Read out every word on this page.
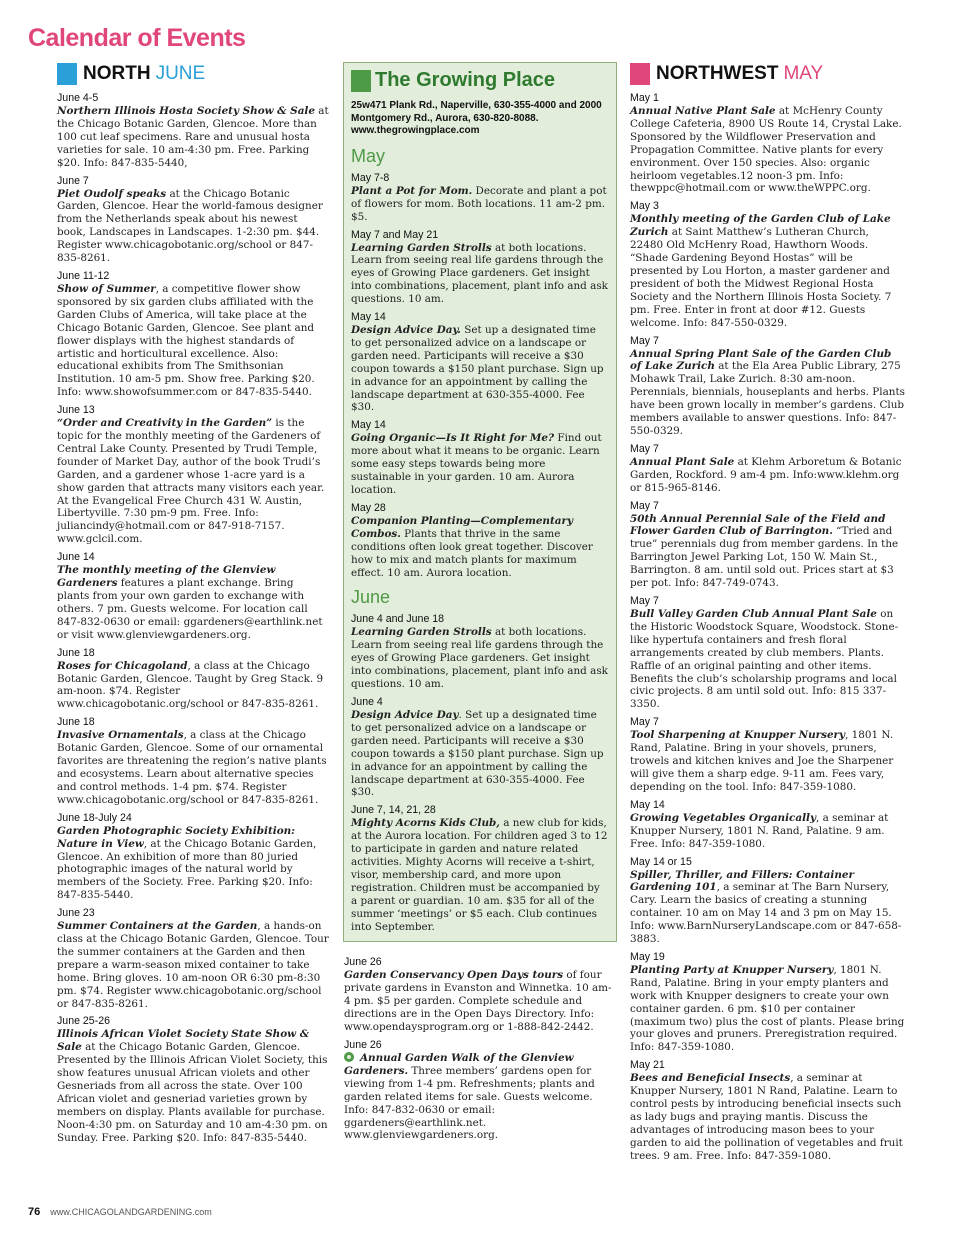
Calendar of Events
NORTH JUNE
June 4-5
Northern Illinois Hosta Society Show & Sale at the Chicago Botanic Garden, Glencoe. More than 100 cut leaf specimens. Rare and unusual hosta varieties for sale. 10 am-4:30 pm. Free. Parking $20. Info: 847-835-5440,
June 7
Piet Oudolf speaks at the Chicago Botanic Garden, Glencoe. Hear the world-famous designer from the Netherlands speak about his newest book, Landscapes in Landscapes. 1-2:30 pm. $44. Register www.chicagobotanic.org/school or 847-835-8261.
June 11-12
Show of Summer, a competitive flower show sponsored by six garden clubs affiliated with the Garden Clubs of America, will take place at the Chicago Botanic Garden, Glencoe. See plant and flower displays with the highest standards of artistic and horticultural excellence. Also: educational exhibits from The Smithsonian Institution. 10 am-5 pm. Show free. Parking $20. Info: www.showofsummer.com or 847-835-5440.
June 13
“Order and Creativity in the Garden” is the topic for the monthly meeting of the Gardeners of Central Lake County. Presented by Trudi Temple, founder of Market Day, author of the book Trudi’s Garden, and a gardener whose 1-acre yard is a show garden that attracts many visitors each year. At the Evangelical Free Church 431 W. Austin, Libertyville. 7:30 pm-9 pm. Free. Info: juliancindy@hotmail.com or 847-918-7157. www.gclcil.com.
June 14
The monthly meeting of the Glenview Gardeners features a plant exchange. Bring plants from your own garden to exchange with others. 7 pm. Guests welcome. For location call 847-832-0630 or email: ggardeners@earthlink.net or visit www.glenviewgardeners.org.
June 18
Roses for Chicagoland, a class at the Chicago Botanic Garden, Glencoe. Taught by Greg Stack. 9 am-noon. $74. Register www.chicagobotanic.org/school or 847-835-8261.
June 18
Invasive Ornamentals, a class at the Chicago Botanic Garden, Glencoe. Some of our ornamental favorites are threatening the region’s native plants and ecosystems. Learn about alternative species and control methods. 1-4 pm. $74. Register www.chicagobotanic.org/school or 847-835-8261.
June 18-July 24
Garden Photographic Society Exhibition: Nature in View, at the Chicago Botanic Garden, Glencoe. An exhibition of more than 80 juried photographic images of the natural world by members of the Society. Free. Parking $20. Info: 847-835-5440.
June 23
Summer Containers at the Garden, a hands-on class at the Chicago Botanic Garden, Glencoe. Tour the summer containers at the Garden and then prepare a warm-season mixed container to take home. Bring gloves. 10 am-noon OR 6:30 pm-8:30 pm. $74. Register www.chicagobotanic.org/school or 847-835-8261.
June 25-26
Illinois African Violet Society State Show & Sale at the Chicago Botanic Garden, Glencoe. Presented by the Illinois African Violet Society, this show features unusual African violets and other Gesneriads from all across the state. Over 100 African violet and gesneriad varieties grown by members on display. Plants available for purchase. Noon-4:30 pm. on Saturday and 10 am-4:30 pm. on Sunday. Free. Parking $20. Info: 847-835-5440.
The Growing Place
25w471 Plank Rd., Naperville, 630-355-4000 and 2000 Montgomery Rd., Aurora, 630-820-8088. www.thegrowingplace.com
May
May 7-8
Plant a Pot for Mom. Decorate and plant a pot of flowers for mom. Both locations. 11 am-2 pm. $5.
May 7 and May 21
Learning Garden Strolls at both locations. Learn from seeing real life gardens through the eyes of Growing Place gardeners. Get insight into combinations, placement, plant info and ask questions. 10 am.
May 14
Design Advice Day. Set up a designated time to get personalized advice on a landscape or garden need. Participants will receive a $30 coupon towards a $150 plant purchase. Sign up in advance for an appointment by calling the landscape department at 630-355-4000. Fee $30.
May 14
Going Organic—Is It Right for Me? Find out more about what it means to be organic. Learn some easy steps towards being more sustainable in your garden. 10 am. Aurora location.
May 28
Companion Planting—Complementary Combos. Plants that thrive in the same conditions often look great together. Discover how to mix and match plants for maximum effect. 10 am. Aurora location.
June
June 4 and June 18
Learning Garden Strolls at both locations. Learn from seeing real life gardens through the eyes of Growing Place gardeners. Get insight into combinations, placement, plant info and ask questions. 10 am.
June 4
Design Advice Day. Set up a designated time to get personalized advice on a landscape or garden need. Participants will receive a $30 coupon towards a $150 plant purchase. Sign up in advance for an appointment by calling the landscape department at 630-355-4000. Fee $30.
June 7, 14, 21, 28
Mighty Acorns Kids Club, a new club for kids, at the Aurora location. For children aged 3 to 12 to participate in garden and nature related activities. Mighty Acorns will receive a t-shirt, visor, membership card, and more upon registration. Children must be accompanied by a parent or guardian. 10 am. $35 for all of the summer ‘meetings’ or $5 each. Club continues into September.
June 26
Garden Conservancy Open Days tours of four private gardens in Evanston and Winnetka. 10 am-4 pm. $5 per garden. Complete schedule and directions are in the Open Days Directory. Info: www.opendaysprogram.org or 1-888-842-2442.
June 26
Annual Garden Walk of the Glenview Gardeners. Three members’ gardens open for viewing from 1-4 pm. Refreshments; plants and garden related items for sale. Guests welcome. Info: 847-832-0630 or email: ggardeners@earthlink.net. www.glenviewgardeners.org.
NORTHWEST MAY
May 1
Annual Native Plant Sale at McHenry County College Cafeteria, 8900 US Route 14, Crystal Lake. Sponsored by the Wildflower Preservation and Propagation Committee. Native plants for every environment. Over 150 species. Also: organic heirloom vegetables.12 noon-3 pm. Info: thewppc@hotmail.com or www.theWPPC.org.
May 3
Monthly meeting of the Garden Club of Lake Zurich at Saint Matthew’s Lutheran Church, 22480 Old McHenry Road, Hawthorn Woods. “Shade Gardening Beyond Hostas” will be presented by Lou Horton, a master gardener and president of both the Midwest Regional Hosta Society and the Northern Illinois Hosta Society. 7 pm. Free. Enter in front at door #12. Guests welcome. Info: 847-550-0329.
May 7
Annual Spring Plant Sale of the Garden Club of Lake Zurich at the Ela Area Public Library, 275 Mohawk Trail, Lake Zurich. 8:30 am-noon. Perennials, biennials, houseplants and herbs. Plants have been grown locally in member’s gardens. Club members available to answer questions. Info: 847-550-0329.
May 7
Annual Plant Sale at Klehm Arboretum & Botanic Garden, Rockford. 9 am-4 pm. Info:www.klehm.org or 815-965-8146.
May 7
50th Annual Perennial Sale of the Field and Flower Garden Club of Barrington. “Tried and true” perennials dug from member gardens. In the Barrington Jewel Parking Lot, 150 W. Main St., Barrington. 8 am. until sold out. Prices start at $3 per pot. Info: 847-749-0743.
May 7
Bull Valley Garden Club Annual Plant Sale on the Historic Woodstock Square, Woodstock. Stone-like hypertufa containers and fresh floral arrangements created by club members. Plants. Raffle of an original painting and other items. Benefits the club’s scholarship programs and local civic projects. 8 am until sold out. Info: 815 337-3350.
May 7
Tool Sharpening at Knupper Nursery, 1801 N. Rand, Palatine. Bring in your shovels, pruners, trowels and kitchen knives and Joe the Sharpener will give them a sharp edge. 9-11 am. Fees vary, depending on the tool. Info: 847-359-1080.
May 14
Growing Vegetables Organically, a seminar at Knupper Nursery, 1801 N. Rand, Palatine. 9 am. Free. Info: 847-359-1080.
May 14 or 15
Spiller, Thriller, and Fillers: Container Gardening 101, a seminar at The Barn Nursery, Cary. Learn the basics of creating a stunning container. 10 am on May 14 and 3 pm on May 15. Info: www.BarnNurseryLandscape.com or 847-658-3883.
May 19
Planting Party at Knupper Nursery, 1801 N. Rand, Palatine. Bring in your empty planters and work with Knupper designers to create your own container garden. 6 pm. $10 per container (maximum two) plus the cost of plants. Please bring your gloves and pruners. Preregistration required. Info: 847-359-1080.
May 21
Bees and Beneficial Insects, a seminar at Knupper Nursery, 1801 N Rand, Palatine. Learn to control pests by introducing beneficial insects such as lady bugs and praying mantis. Discuss the advantages of introducing mason bees to your garden to aid the pollination of vegetables and fruit trees. 9 am. Free. Info: 847-359-1080.
76 www.CHICAGOLANDGARDENING.com
